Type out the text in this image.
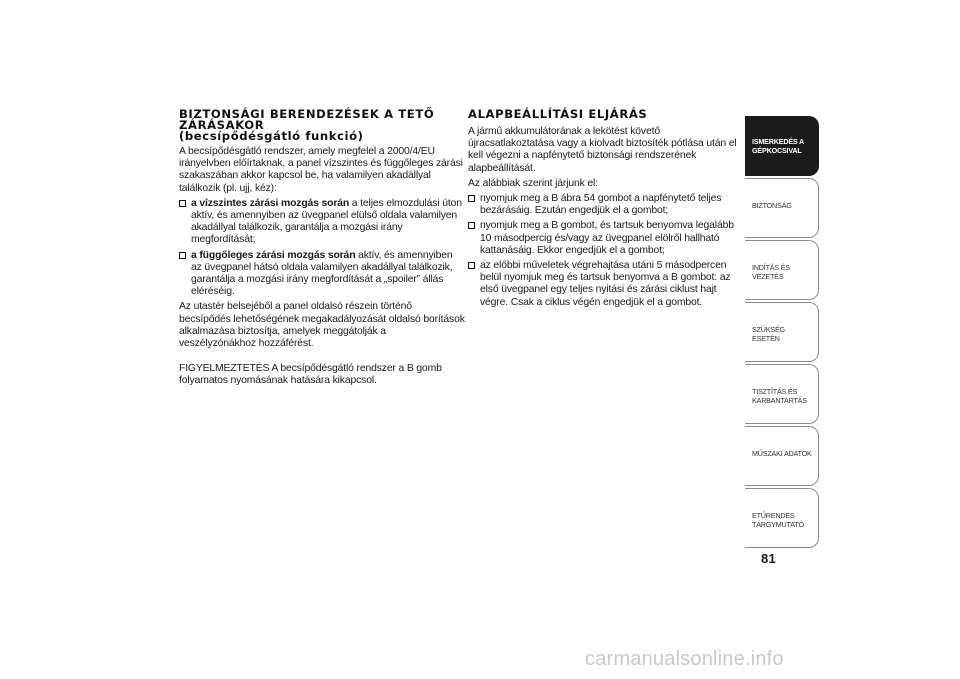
BIZTONSÁGI BERENDEZÉSEK A TETŐ
ZÁRÁSAKOR
(becsípődésgátló funkció)

A becsípődésgátló rendszer, amely megfelel a 2000/4/EU irányelvben előírtaknak, a panel vízszintes és függőleges zárási szakaszában akkor kapcsol be, ha valamilyen akadállyal találkozik (pl. ujj, kéz):

a vízszintes zárási mozgás során a teljes elmozdulási úton aktív, és amennyiben az üvegpanel elülső oldala valamilyen akadállyal találkozik, garantálja a mozgási irány megfordítását;
a függőleges zárási mozgás során aktív, és amennyiben az üvegpanel hátsó oldala valamilyen akadállyal találkozik, garantálja a mozgási irány megfordítását a „spoiler” állás eléréséig.

Az utastér belsejéből a panel oldalsó részein történő becsípődés lehetőségének megakadályozását oldalsó borítások alkalmazása biztosítja, amelyek meggátolják a veszélyzónákhoz hozzáférést.

FIGYELMEZTETÉS A becsípődésgátló rendszer a B gomb folyamatos nyomásának hatására kikapcsol.

ALAPBEÁLLÍTÁSI ELJÁRÁS

A jármű akkumulátorának a lekötést követő újracsatlakoztatása vagy a kiolvadt biztosíték pótlása után el kell végezni a napfénytető biztonsági rendszerének alapbeállítását.

Az alábbiak szerint járjunk el:

nyomjuk meg a B ábra 54 gombot a napfénytető teljes bezárásáig. Ezután engedjük el a gombot;
nyomjuk meg a B gombot, és tartsuk benyomva legalább 10 másodpercig és/vagy az üvegpanel elölről hallható kattanásáig. Ekkor engedjük el a gombot;
az előbbi műveletek végrehajtása utáni 5 másodpercen belül nyomjuk meg és tartsuk benyomva a B gombot: az első üvegpanel egy teljes nyitási és zárási ciklust hajt végre. Csak a ciklus végén engedjük el a gombot.
ISMERKEDÉS A
GÉPKOCSIVAL
BIZTONSÁG
INDÍTÁS ÉS VEZETÉS
SZÜKSÉG ESETÉN
TISZTÍTÁS ÉS
KARBANTARTÁS
MŰSZAKI ADATOK
ETŰRENDES
TÁRGYMUTATÓ
81
carmanualsonline.info
